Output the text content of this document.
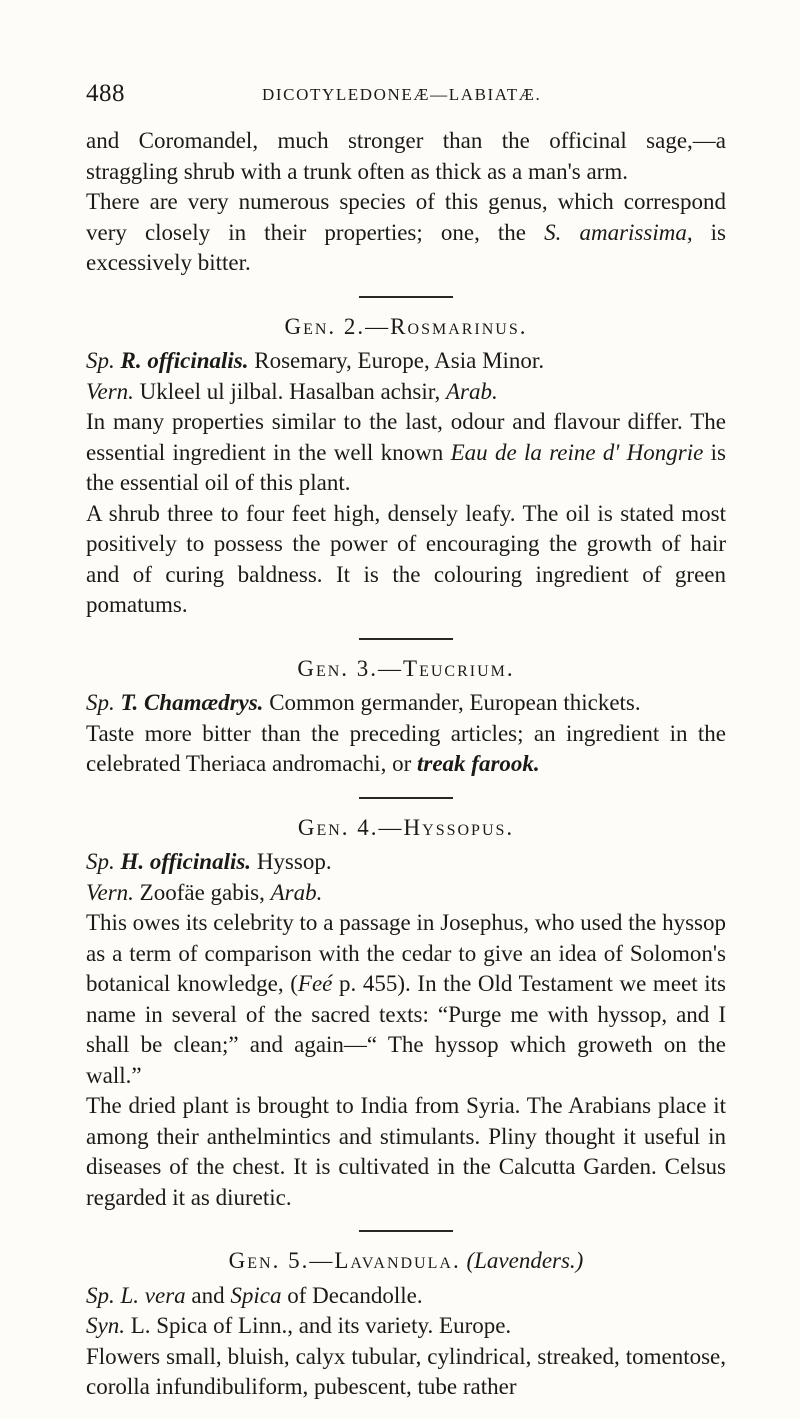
488	DICOTYLEDONEÆ—LABIATÆ.

and Coromandel, much stronger than the officinal sage,—a straggling shrub with a trunk often as thick as a man's arm.

There are very numerous species of this genus, which correspond very closely in their properties; one, the S. amarissima, is excessively bitter.

Gen. 2.—Rosmarinus.

Sp. R. officinalis. Rosemary, Europe, Asia Minor.

Vern. Ukleel ul jilbal. Hasalban achsir, Arab.

In many properties similar to the last, odour and flavour differ. The essential ingredient in the well known Eau de la reine d' Hongrie is the essential oil of this plant.

A shrub three to four feet high, densely leafy. The oil is stated most positively to possess the power of encouraging the growth of hair and of curing baldness. It is the colouring ingredient of green pomatums.

Gen. 3.—Teucrium.

Sp. T. Chamædrys. Common germander, European thickets.

Taste more bitter than the preceding articles; an ingredient in the celebrated Theriaca andromachi, or treak farook.

Gen. 4.—Hyssopus.

Sp. H. officinalis. Hyssop.

Vern. Zoofäe gabis, Arab.

This owes its celebrity to a passage in Josephus, who used the hyssop as a term of comparison with the cedar to give an idea of Solomon's botanical knowledge, (Feé p. 455). In the Old Testament we meet its name in several of the sacred texts: “Purge me with hyssop, and I shall be clean;” and again—“ The hyssop which groweth on the wall.”

The dried plant is brought to India from Syria. The Arabians place it among their anthelmintics and stimulants. Pliny thought it useful in diseases of the chest. It is cultivated in the Calcutta Garden. Celsus regarded it as diuretic.

Gen. 5.—Lavandula. (Lavenders.)

Sp. L. vera and Spica of Decandolle.

Syn. L. Spica of Linn., and its variety. Europe.

Flowers small, bluish, calyx tubular, cylindrical, streaked, tomentose, corolla infundibuliform, pubescent, tube rather
